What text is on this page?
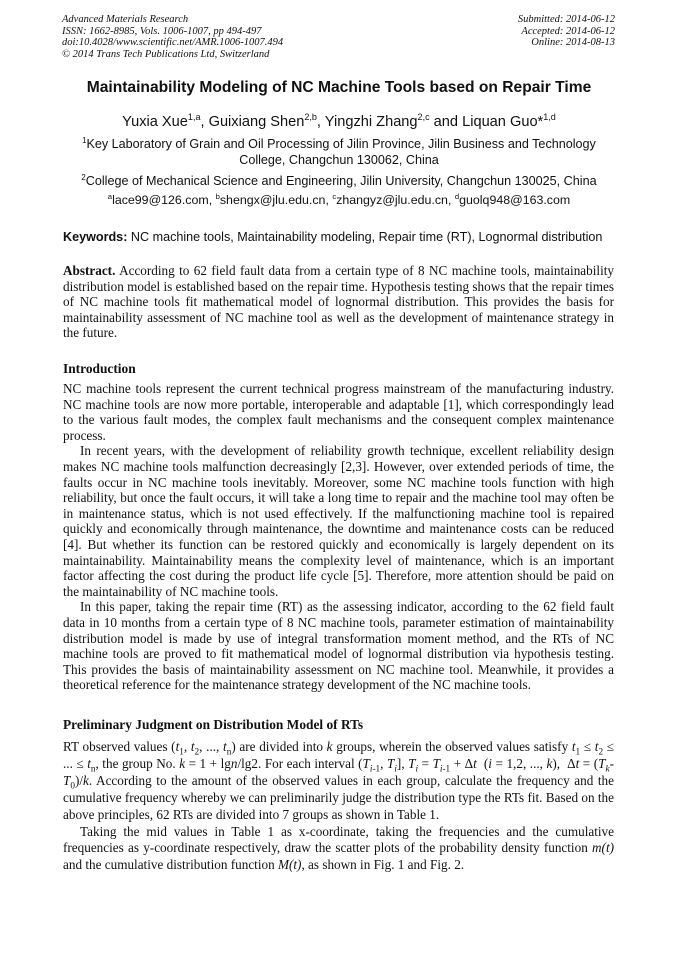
Advanced Materials Research
ISSN: 1662-8985, Vols. 1006-1007, pp 494-497
doi:10.4028/www.scientific.net/AMR.1006-1007.494
© 2014 Trans Tech Publications Ltd, Switzerland
Submitted: 2014-06-12
Accepted: 2014-06-12
Online: 2014-08-13
Maintainability Modeling of NC Machine Tools based on Repair Time
Yuxia Xue$^{1,a}$, Guixiang Shen$^{2,b}$, Yingzhi Zhang$^{2,c}$ and Liquan Guo*$^{1,d}$
$^1$Key Laboratory of Grain and Oil Processing of Jilin Province, Jilin Business and Technology College, Changchun 130062, China
$^2$College of Mechanical Science and Engineering, Jilin University, Changchun 130025, China
$^a$lace99@126.com, $^b$shengx@jlu.edu.cn, $^c$zhangyz@jlu.edu.cn, $^d$guolq948@163.com
Keywords: NC machine tools, Maintainability modeling, Repair time (RT), Lognormal distribution

Abstract. According to 62 field fault data from a certain type of 8 NC machine tools, maintainability distribution model is established based on the repair time. Hypothesis testing shows that the repair times of NC machine tools fit mathematical model of lognormal distribution. This provides the basis for maintainability assessment of NC machine tool as well as the development of maintenance strategy in the future.

Introduction

NC machine tools represent the current technical progress mainstream of the manufacturing industry. NC machine tools are now more portable, interoperable and adaptable [1], which correspondingly lead to the various fault modes, the complex fault mechanisms and the consequent complex maintenance process.

In recent years, with the development of reliability growth technique, excellent reliability design makes NC machine tools malfunction decreasingly [2,3]. However, over extended periods of time, the faults occur in NC machine tools inevitably. Moreover, some NC machine tools function with high reliability, but once the fault occurs, it will take a long time to repair and the machine tool may often be in maintenance status, which is not used effectively. If the malfunctioning machine tool is repaired quickly and economically through maintenance, the downtime and maintenance costs can be reduced [4]. But whether its function can be restored quickly and economically is largely dependent on its maintainability. Maintainability means the complexity level of maintenance, which is an important factor affecting the cost during the product life cycle [5]. Therefore, more attention should be paid on the maintainability of NC machine tools.

In this paper, taking the repair time (RT) as the assessing indicator, according to the 62 field fault data in 10 months from a certain type of 8 NC machine tools, parameter estimation of maintainability distribution model is made by use of integral transformation moment method, and the RTs of NC machine tools are proved to fit mathematical model of lognormal distribution via hypothesis testing. This provides the basis of maintainability assessment on NC machine tool. Meanwhile, it provides a theoretical reference for the maintenance strategy development of the NC machine tools.

Preliminary Judgment on Distribution Model of RTs

RT observed values ($t_1$, $t_2$, ..., $t_n$) are divided into k groups, wherein the observed values satisfy $t_1 \le t_2$ ≤ ... ≤ $t_n$, the group No. k = 1 + lgn/lg2. For each interval ($T_{i-1}$, $T_i$], $T_i = T_{i-1} + \Delta t$  (i = 1,2, ..., k),  $\Delta t = (T_k-T_0)/k$. According to the amount of the observed values in each group, calculate the frequency and the cumulative frequency whereby we can preliminarily judge the distribution type the RTs fit. Based on the above principles, 62 RTs are divided into 7 groups as shown in Table 1.

Taking the mid values in Table 1 as x-coordinate, taking the frequencies and the cumulative frequencies as y-coordinate respectively, draw the scatter plots of the probability density function m(t) and the cumulative distribution function M(t), as shown in Fig. 1 and Fig. 2.
